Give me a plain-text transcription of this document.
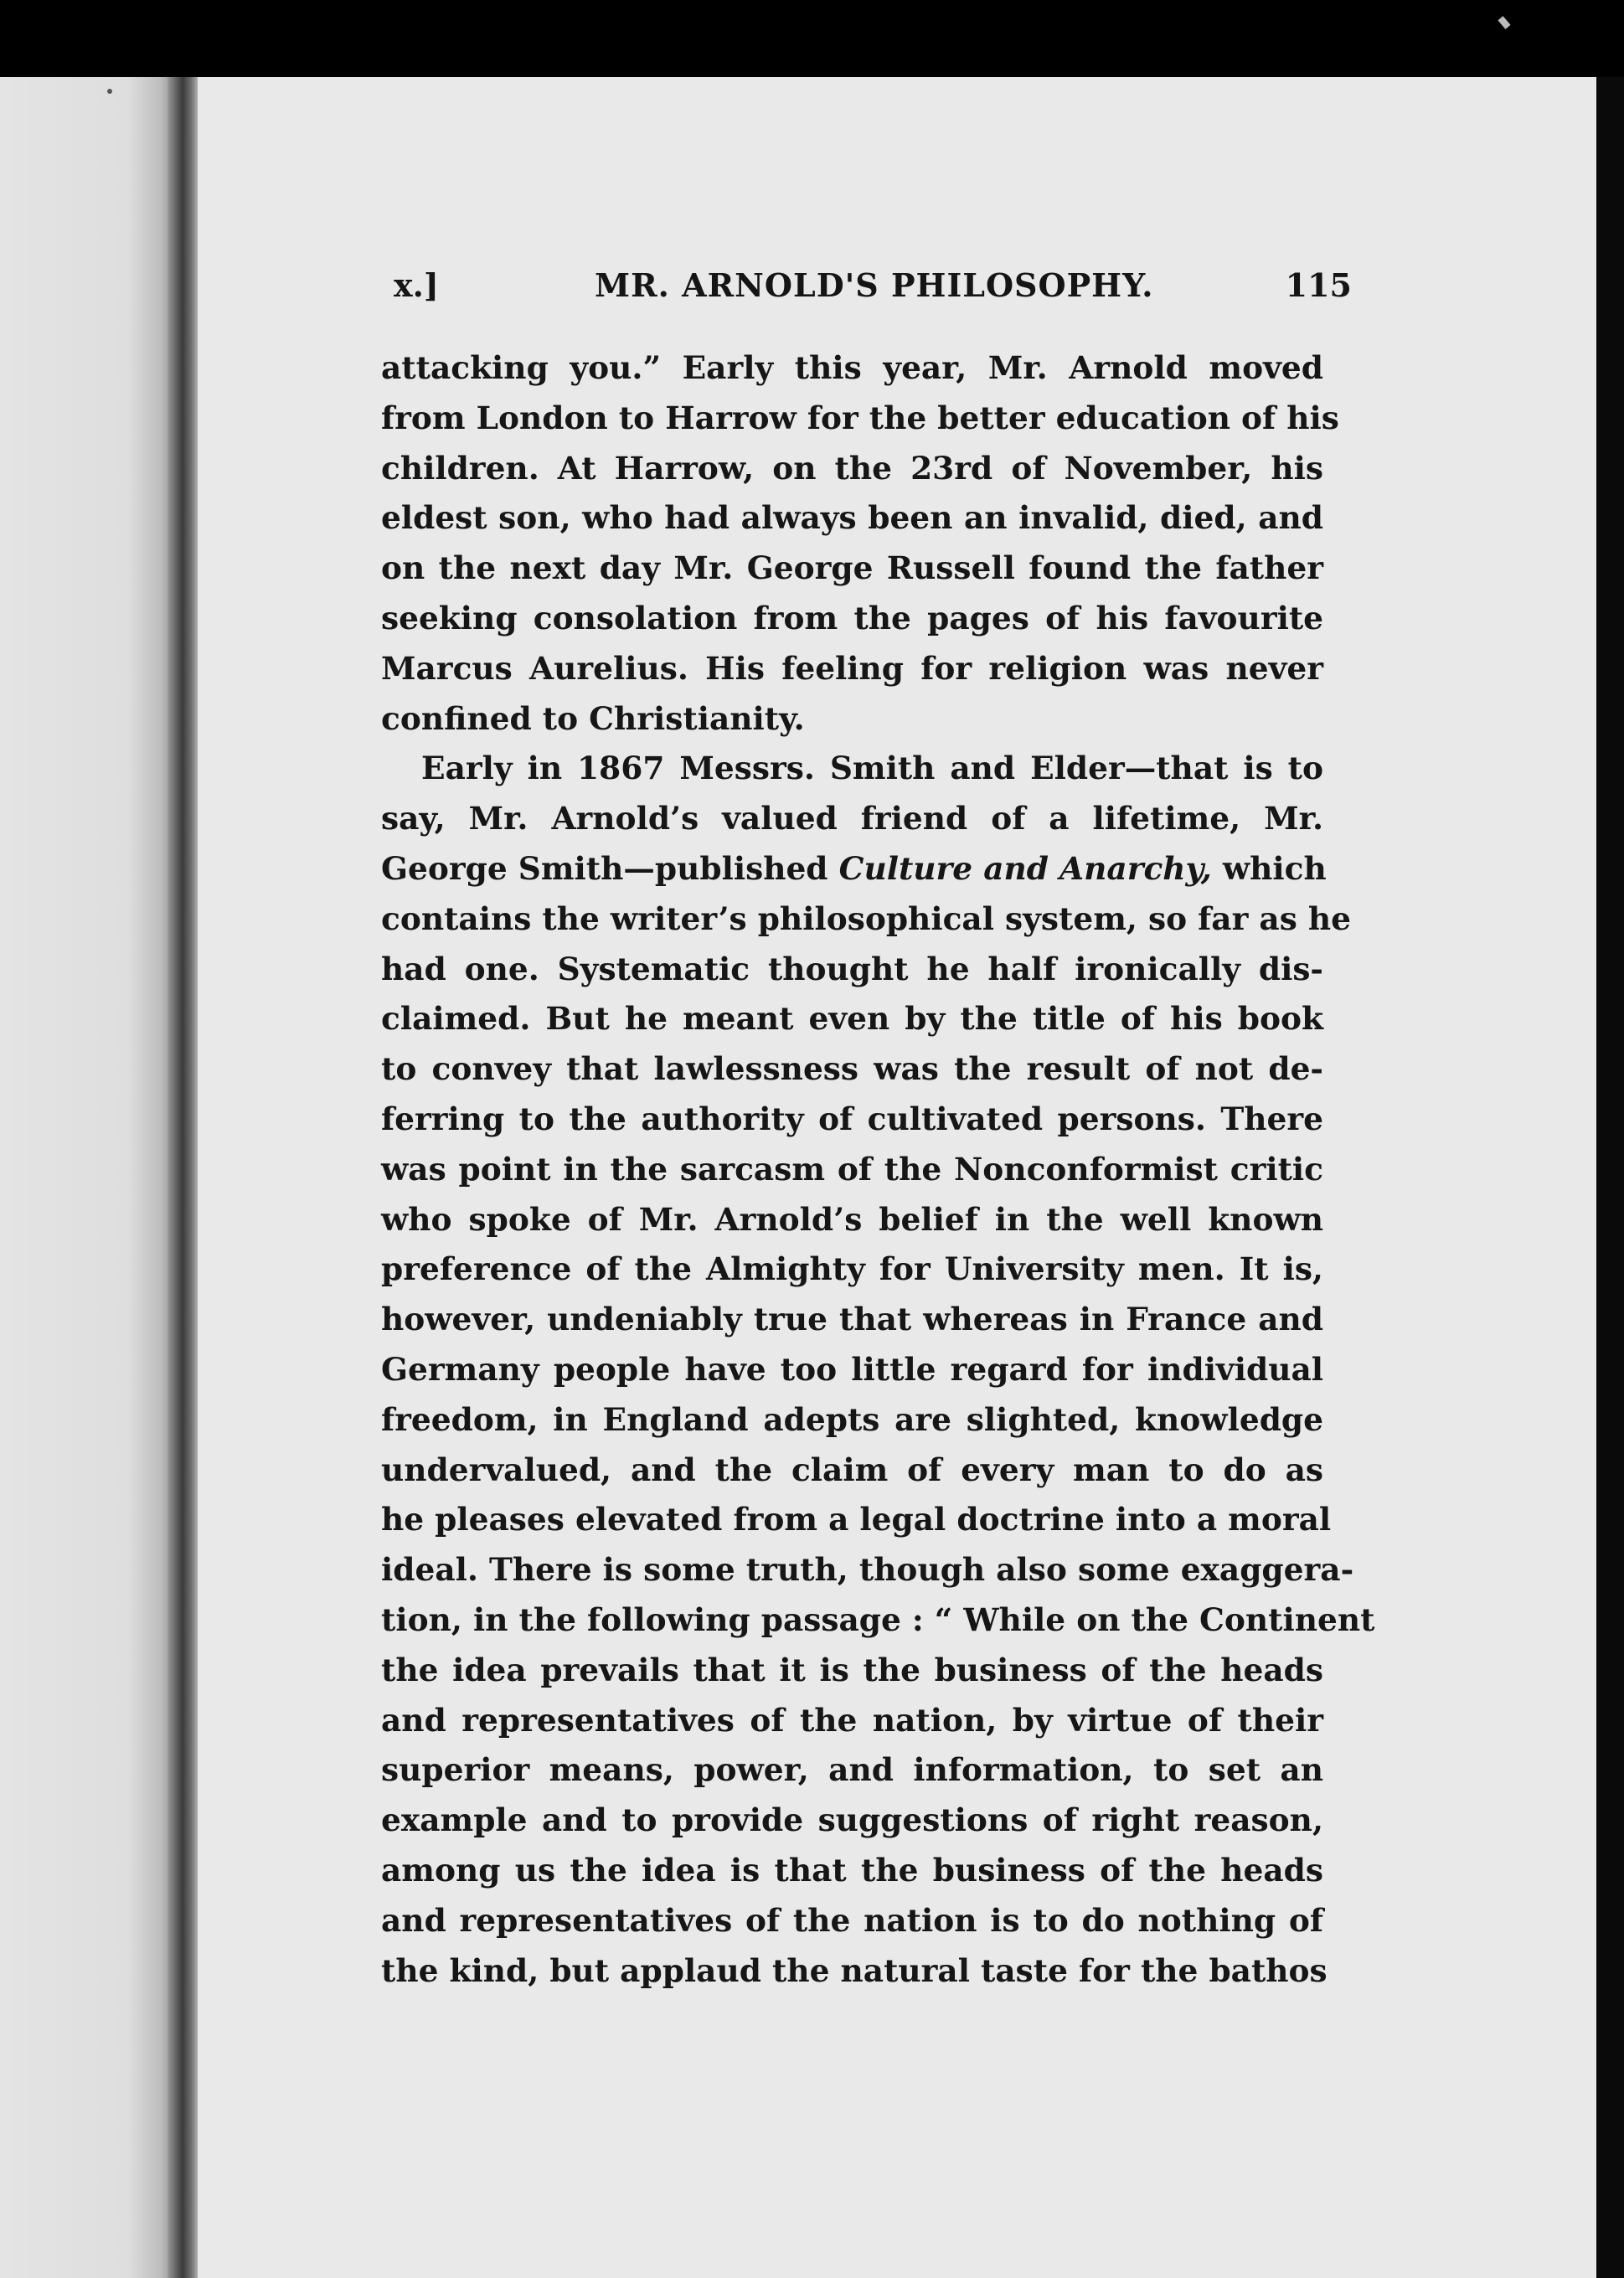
x.]	MR. ARNOLD'S PHILOSOPHY.	115
attacking you.” Early this year, Mr. Arnold moved
from London to Harrow for the better education of his
children. At Harrow, on the 23rd of November, his
eldest son, who had always been an invalid, died, and
on the next day Mr. George Russell found the father
seeking consolation from the pages of his favourite
Marcus Aurelius. His feeling for religion was never
confined to Christianity.
Early in 1867 Messrs. Smith and Elder—that is to
say, Mr. Arnold’s valued friend of a lifetime, Mr.
George Smith—published Culture and Anarchy, which
contains the writer’s philosophical system, so far as he
had one. Systematic thought he half ironically dis-
claimed. But he meant even by the title of his book
to convey that lawlessness was the result of not de-
ferring to the authority of cultivated persons. There
was point in the sarcasm of the Nonconformist critic
who spoke of Mr. Arnold’s belief in the well known
preference of the Almighty for University men. It is,
however, undeniably true that whereas in France and
Germany people have too little regard for individual
freedom, in England adepts are slighted, knowledge
undervalued, and the claim of every man to do as
he pleases elevated from a legal doctrine into a moral
ideal. There is some truth, though also some exaggera-
tion, in the following passage : “ While on the Continent
the idea prevails that it is the business of the heads
and representatives of the nation, by virtue of their
superior means, power, and information, to set an
example and to provide suggestions of right reason,
among us the idea is that the business of the heads
and representatives of the nation is to do nothing of
the kind, but applaud the natural taste for the bathos
